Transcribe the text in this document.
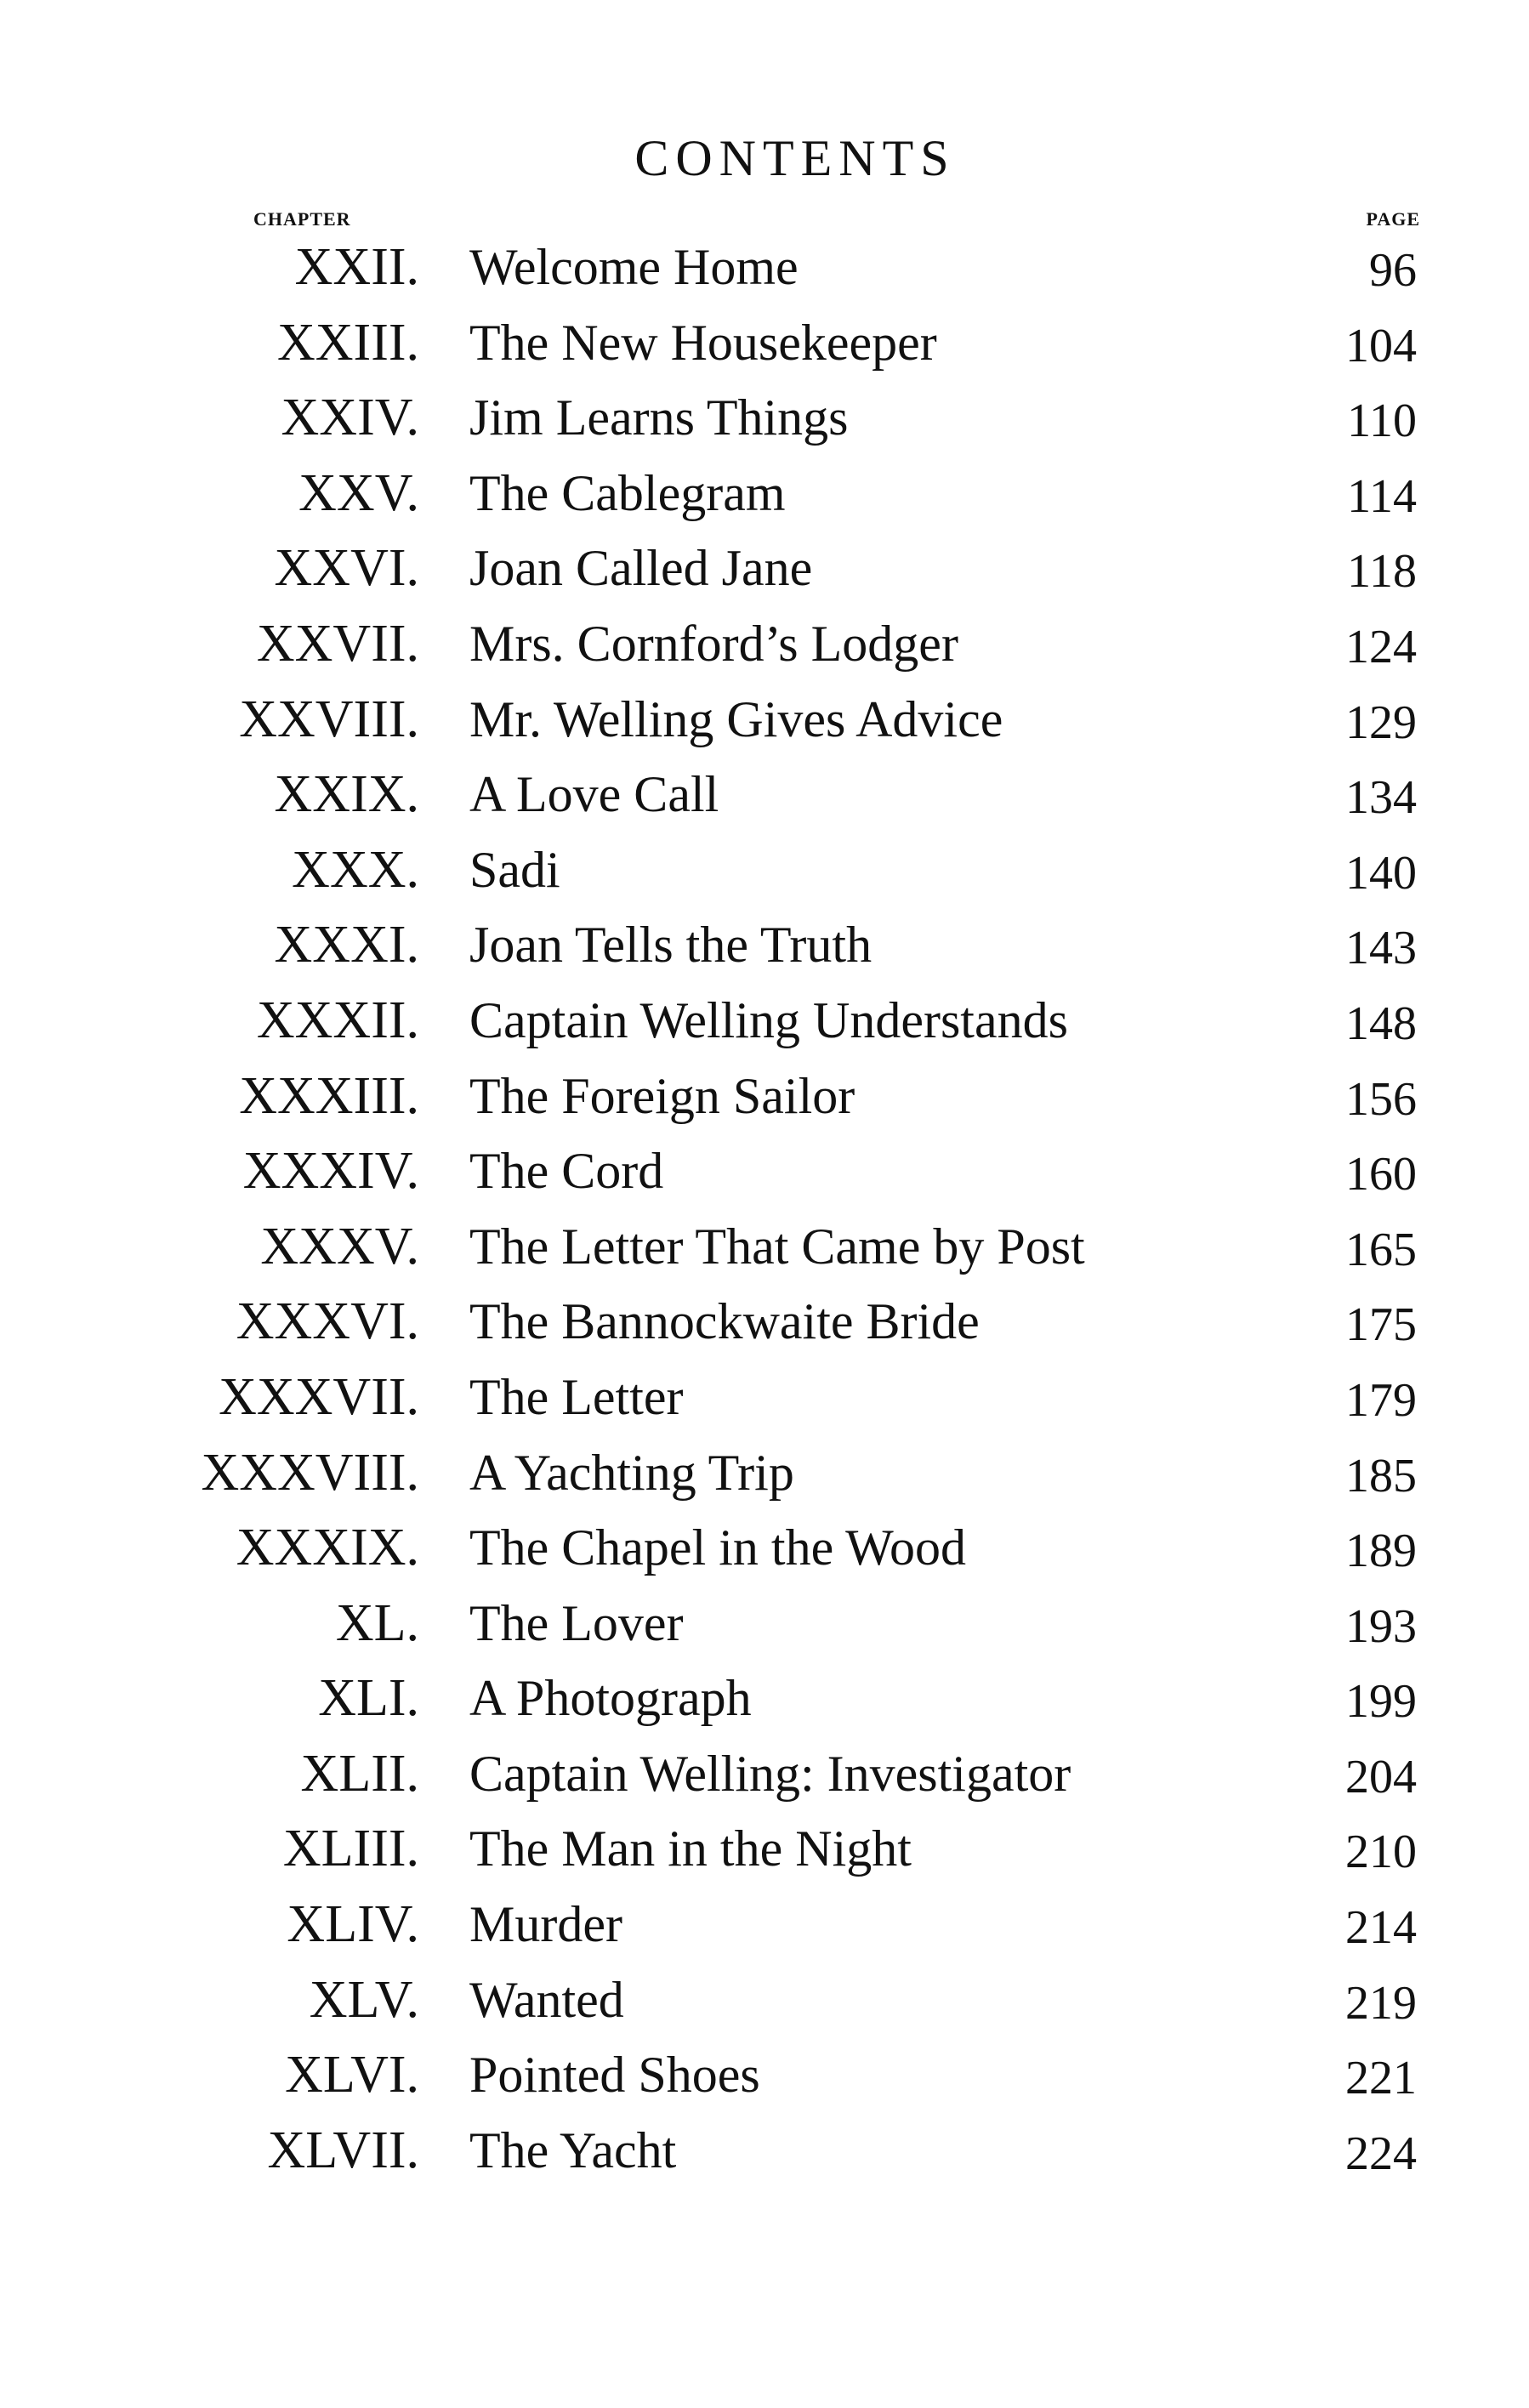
CONTENTS
CHAPTER	PAGE
XXII. Welcome Home	96
XXIII. The New Housekeeper	104
XXIV. Jim Learns Things	110
XXV. The Cablegram	114
XXVI. Joan Called Jane	118
XXVII. Mrs. Cornford’s Lodger	124
XXVIII. Mr. Welling Gives Advice	129
XXIX. A Love Call	134
XXX. Sadi	140
XXXI. Joan Tells the Truth	143
XXXII. Captain Welling Understands	148
XXXIII. The Foreign Sailor	156
XXXIV. The Cord	160
XXXV. The Letter That Came by Post	165
XXXVI. The Bannockwaite Bride	175
XXXVII. The Letter	179
XXXVIII. A Yachting Trip	185
XXXIX. The Chapel in the Wood	189
XL. The Lover	193
XLI. A Photograph	199
XLII. Captain Welling: Investigator	204
XLIII. The Man in the Night	210
XLIV. Murder	214
XLV. Wanted	219
XLVI. Pointed Shoes	221
XLVII. The Yacht	224
